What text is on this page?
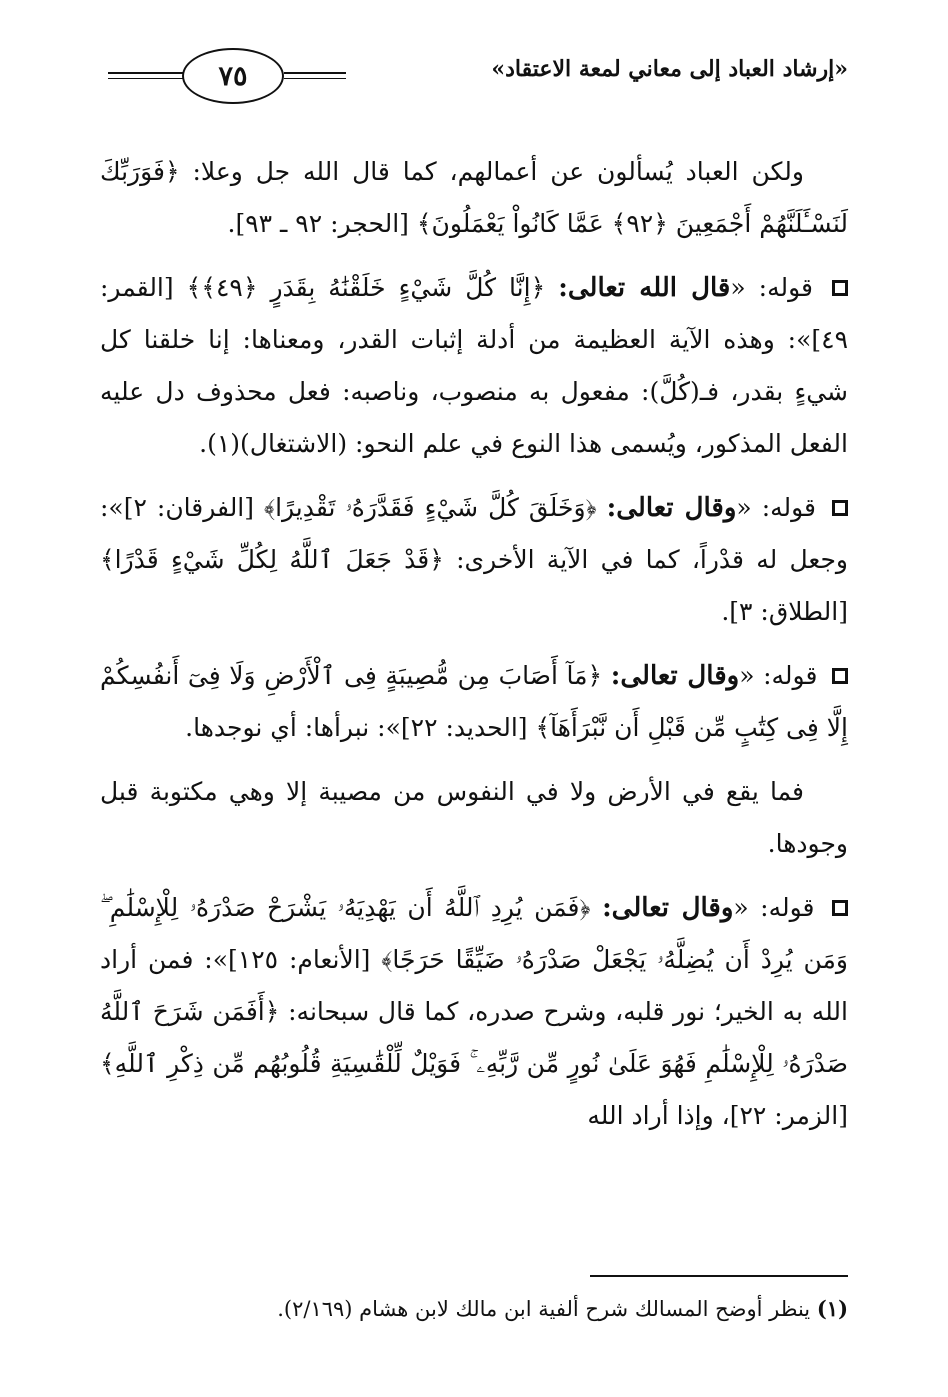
٧٥	«إرشاد العباد إلى معاني لمعة الاعتقاد»

ولكن العباد يُسألون عن أعمالهم، كما قال الله جل وعلا: ﴿فَوَرَبِّكَ لَنَسْـَٔلَنَّهُمْ أَجْمَعِينَ ﴿٩٢﴾ عَمَّا كَانُواْ يَعْمَلُونَ﴾ [الحجر: ٩٢ ـ ٩٣].

قوله: «قال الله تعالى: ﴿إِنَّا كُلَّ شَيْءٍ خَلَقْنَٰهُ بِقَدَرٍ ﴿٤٩﴾﴾ [القمر: ٤٩]»: وهذه الآية العظيمة من أدلة إثبات القدر، ومعناها: إنا خلقنا كل شيءٍ بقدر، فـ(كُلَّ): مفعول به منصوب، وناصبه: فعل محذوف دل عليه الفعل المذكور، ويُسمى هذا النوع في علم النحو: (الاشتغال)(١).

قوله: «وقال تعالى: ﴿وَخَلَقَ كُلَّ شَيْءٍ فَقَدَّرَهُۥ تَقْدِيرًا﴾ [الفرقان: ٢]»: وجعل له قدْراً، كما في الآية الأخرى: ﴿قَدْ جَعَلَ ٱللَّهُ لِكُلِّ شَيْءٍ قَدْرًا﴾ [الطلاق: ٣].

قوله: «وقال تعالى: ﴿مَآ أَصَابَ مِن مُّصِيبَةٍ فِى ٱلْأَرْضِ وَلَا فِىٓ أَنفُسِكُمْ إِلَّا فِى كِتَٰبٍ مِّن قَبْلِ أَن نَّبْرَأَهَآ﴾ [الحديد: ٢٢]»: نبرأها: أي نوجدها.

فما يقع في الأرض ولا في النفوس من مصيبة إلا وهي مكتوبة قبل وجودها.

قوله: «وقال تعالى: ﴿فَمَن يُرِدِ ٱللَّهُ أَن يَهْدِيَهُۥ يَشْرَحْ صَدْرَهُۥ لِلْإِسْلَٰمِ ۖ وَمَن يُرِدْ أَن يُضِلَّهُۥ يَجْعَلْ صَدْرَهُۥ ضَيِّقًا حَرَجًا﴾ [الأنعام: ١٢٥]»: فمن أراد الله به الخير؛ نور قلبه، وشرح صدره، كما قال سبحانه: ﴿أَفَمَن شَرَحَ ٱللَّهُ صَدْرَهُۥ لِلْإِسْلَٰمِ فَهُوَ عَلَىٰ نُورٍ مِّن رَّبِّهِۦ ۚ فَوَيْلٌ لِّلْقَٰسِيَةِ قُلُوبُهُم مِّن ذِكْرِ ٱللَّهِ﴾ [الزمر: ٢٢]، وإذا أراد الله

(١) ينظر أوضح المسالك شرح ألفية ابن مالك لابن هشام (٢/١٦٩).
